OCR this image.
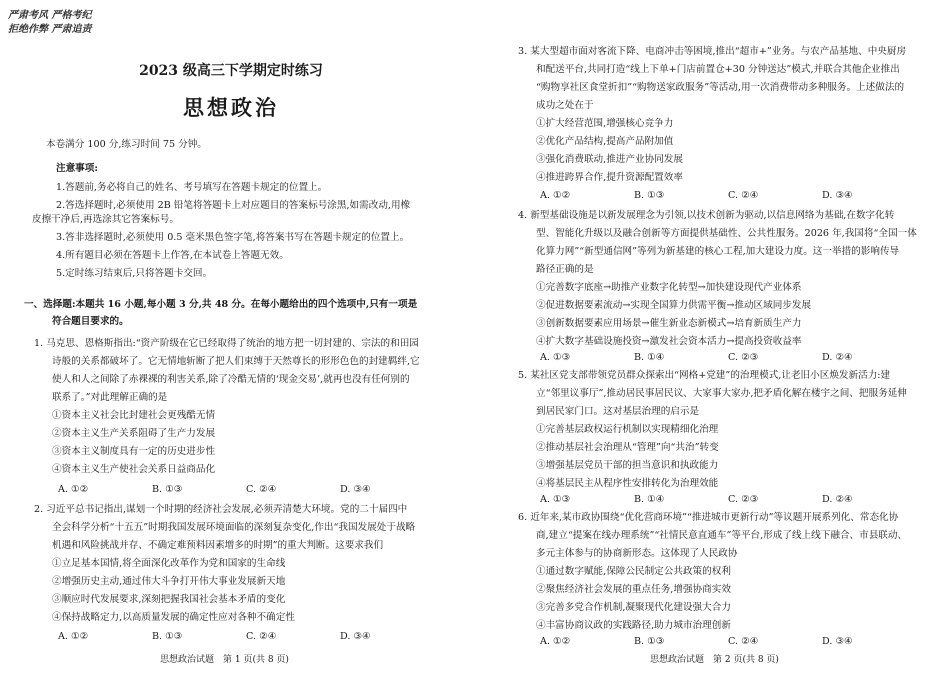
严肃考风 严格考纪
拒绝作弊 严肃追责
2023 级高三下学期定时练习
思想政治
本卷满分 100 分,练习时间 75 分钟。
注意事项:
1.答题前,务必将自己的姓名、考号填写在答题卡规定的位置上。
2.答选择题时,必须使用 2B 铅笔将答题卡上对应题目的答案标号涂黑,如需改动,用橡
皮擦干净后,再选涂其它答案标号。
3.答非选择题时,必须使用 0.5 毫米黑色签字笔,将答案书写在答题卡规定的位置上。
4.所有题目必须在答题卡上作答,在本试卷上答题无效。
5.定时练习结束后,只将答题卡交回。
一、选择题:本题共 16 小题,每小题 3 分,共 48 分。在每小题给出的四个选项中,只有一项是
符合题目要求的。
1. 马克思、恩格斯指出:“资产阶级在它已经取得了统治的地方把一切封建的、宗法的和田园
诗般的关系都破坏了。它无情地斩断了把人们束缚于天然尊长的形形色色的封建羁绊,它
使人和人之间除了赤裸裸的利害关系,除了冷酷无情的‘现金交易’,就再也没有任何别的
联系了。”对此理解正确的是
①资本主义社会比封建社会更残酷无情
②资本主义生产关系阻碍了生产力发展
③资本主义制度具有一定的历史进步性
④资本主义生产使社会关系日益商品化
A. ①②	B. ①③	C. ②④	D. ③④
2. 习近平总书记指出,谋划一个时期的经济社会发展,必须弄清楚大环境。党的二十届四中
全会科学分析“十五五”时期我国发展环境面临的深刻复杂变化,作出“我国发展处于战略
机遇和风险挑战并存、不确定难预料因素增多的时期”的重大判断。这要求我们
①立足基本国情,将全面深化改革作为党和国家的生命线
②增强历史主动,通过伟大斗争打开伟大事业发展新天地
③顺应时代发展要求,深刻把握我国社会基本矛盾的变化
④保持战略定力,以高质量发展的确定性应对各种不确定性
A. ①②	B. ①③	C. ②④	D. ③④
思想政治试题　第 1 页(共 8 页)
3. 某大型超市面对客流下降、电商冲击等困境,推出“超市+”业务。与农产品基地、中央厨房
和配送平台,共同打造“线上下单+门店前置仓+30 分钟送达”模式,并联合其他企业推出
“购物享社区食堂折扣”“购物送家政服务”等活动,用一次消费带动多种服务。上述做法的
成功之处在于
①扩大经营范围,增强核心竞争力
②优化产品结构,提高产品附加值
③强化消费联动,推进产业协同发展
④推进跨界合作,提升资源配置效率
A. ①②	B. ①③	C. ②④	D. ③④
4. 新型基础设施是以新发展理念为引领,以技术创新为驱动,以信息网络为基础,在数字化转
型、智能化升级以及融合创新等方面提供基础性、公共性服务。2026 年,我国将“全国一体
化算力网”“新型通信网”等列为新基建的核心工程,加大建设力度。这一举措的影响传导
路径正确的是
①完善数字底座→助推产业数字化转型→加快建设现代产业体系
②促进数据要素流动→实现全国算力供需平衡→推动区域同步发展
③创新数据要素应用场景→催生新业态新模式→培育新质生产力
④扩大数字基础设施投资→激发社会资本活力→提高投资收益率
A. ①③	B. ①④	C. ②③	D. ②④
5. 某社区党支部带领党员群众探索出“网格+党建”的治理模式,让老旧小区焕发新活力:建
立“邻里议事厅”,推动居民事居民议、大家事大家办,把矛盾化解在楼宇之间、把服务延伸
到居民家门口。这对基层治理的启示是
①完善基层政权运行机制以实现精细化治理
②推动基层社会治理从“管理”向“共治”转变
③增强基层党员干部的担当意识和执政能力
④将基层民主从程序性安排转化为治理效能
A. ①③	B. ①④	C. ②③	D. ②④
6. 近年来,某市政协围绕“优化营商环境”“推进城市更新行动”等议题开展系列化、常态化协
商,建立“提案在线办理系统”“社情民意直通车”等平台,形成了线上线下融合、市县联动、
多元主体参与的协商新形态。这体现了人民政协
①通过数字赋能,保障公民制定公共政策的权利
②聚焦经济社会发展的重点任务,增强协商实效
③完善多党合作机制,凝聚现代化建设强大合力
④丰富协商议政的实践路径,助力城市治理创新
A. ①②	B. ①③	C. ②④	D. ③④
思想政治试题　第 2 页(共 8 页)
